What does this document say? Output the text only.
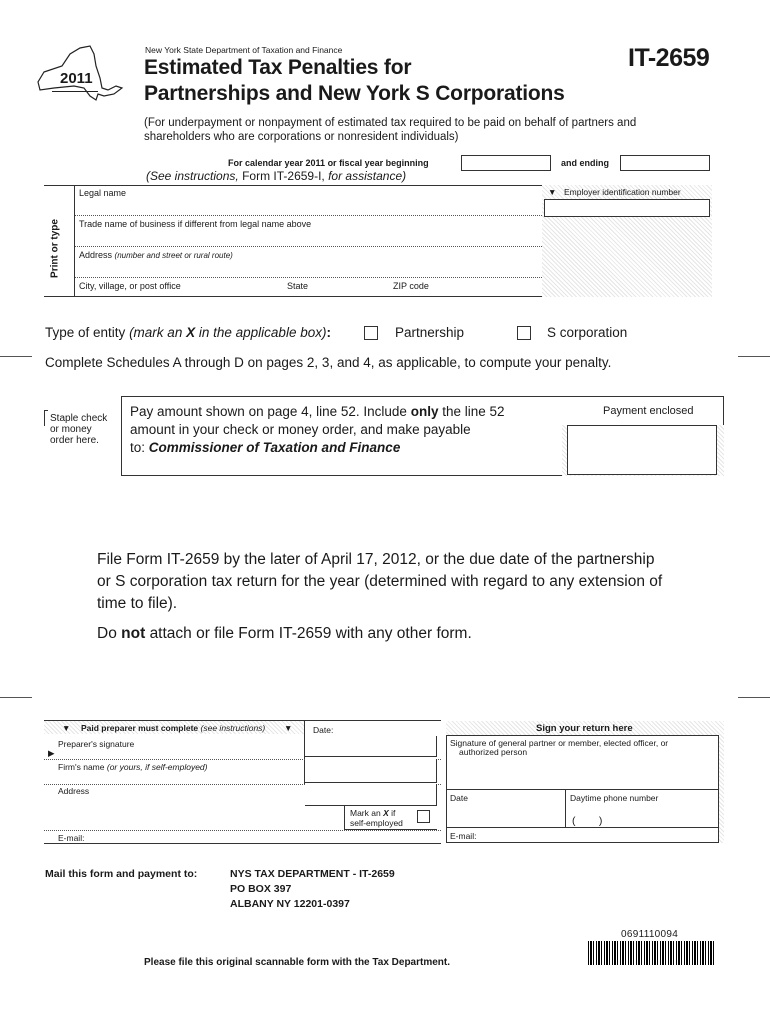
2011
New York State Department of Taxation and Finance
Estimated Tax Penalties for
Partnerships and New York S Corporations
IT-2659
(For underpayment or nonpayment of estimated tax required to be paid on behalf of partners and
shareholders who are corporations or nonresident individuals)
For calendar year 2011 or fiscal year beginning	and ending
(See instructions, Form IT-2659-I, for assistance)
Print or type
Legal name	▼ Employer identification number
Trade name of business if different from legal name above
Address (number and street or rural route)
City, village, or post office	State	ZIP code
Type of entity (mark an X in the applicable box):	Partnership	S corporation
Complete Schedules A through D on pages 2, 3, and 4, as applicable, to compute your penalty.
Staple check
or money
order here.
Pay amount shown on page 4, line 52. Include only the line 52
amount in your check or money order, and make payable
to: Commissioner of Taxation and Finance
Payment enclosed
File Form IT-2659 by the later of April 17, 2012, or the due date of the partnership
or S corporation tax return for the year (determined with regard to any extension of
time to file).
Do not attach or file Form IT-2659 with any other form.
▼ Paid preparer must complete (see instructions) ▼ Date:
Preparer's signature
▶
Firm's name (or yours, if self-employed)
Address
Mark an X if
self-employed
E-mail:
Sign your return here
Signature of general partner or member, elected officer, or
authorized person
Date	Daytime phone number
(        )
E-mail:
Mail this form and payment to:	NYS TAX DEPARTMENT - IT-2659
PO BOX 397
ALBANY NY 12201-0397
0691110094
Please file this original scannable form with the Tax Department.
